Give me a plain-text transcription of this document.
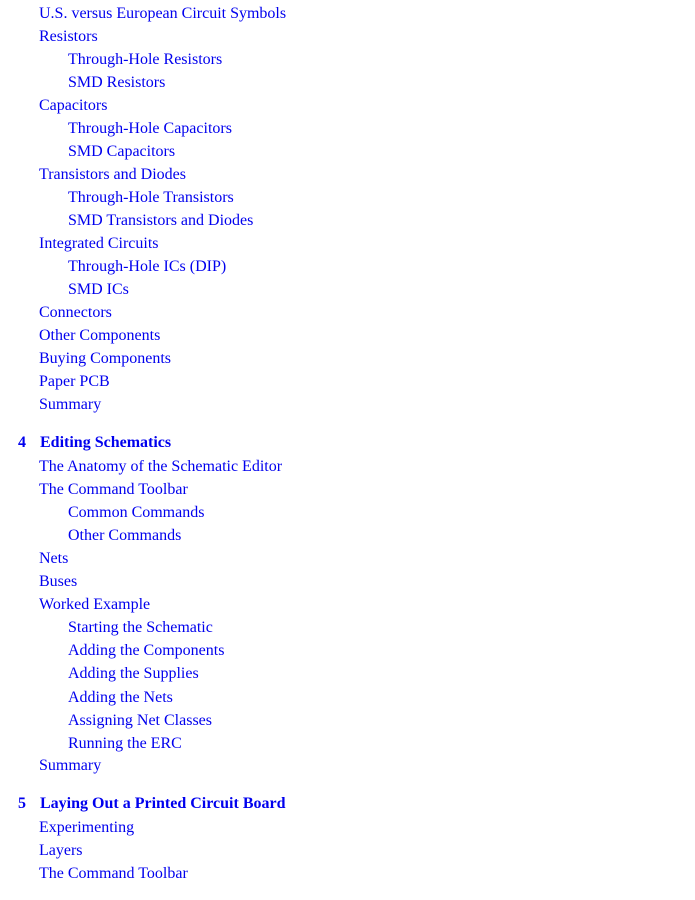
U.S. versus European Circuit Symbols
Resistors
Through-Hole Resistors
SMD Resistors
Capacitors
Through-Hole Capacitors
SMD Capacitors
Transistors and Diodes
Through-Hole Transistors
SMD Transistors and Diodes
Integrated Circuits
Through-Hole ICs (DIP)
SMD ICs
Connectors
Other Components
Buying Components
Paper PCB
Summary
4 Editing Schematics
The Anatomy of the Schematic Editor
The Command Toolbar
Common Commands
Other Commands
Nets
Buses
Worked Example
Starting the Schematic
Adding the Components
Adding the Supplies
Adding the Nets
Assigning Net Classes
Running the ERC
Summary
5 Laying Out a Printed Circuit Board
Experimenting
Layers
The Command Toolbar
